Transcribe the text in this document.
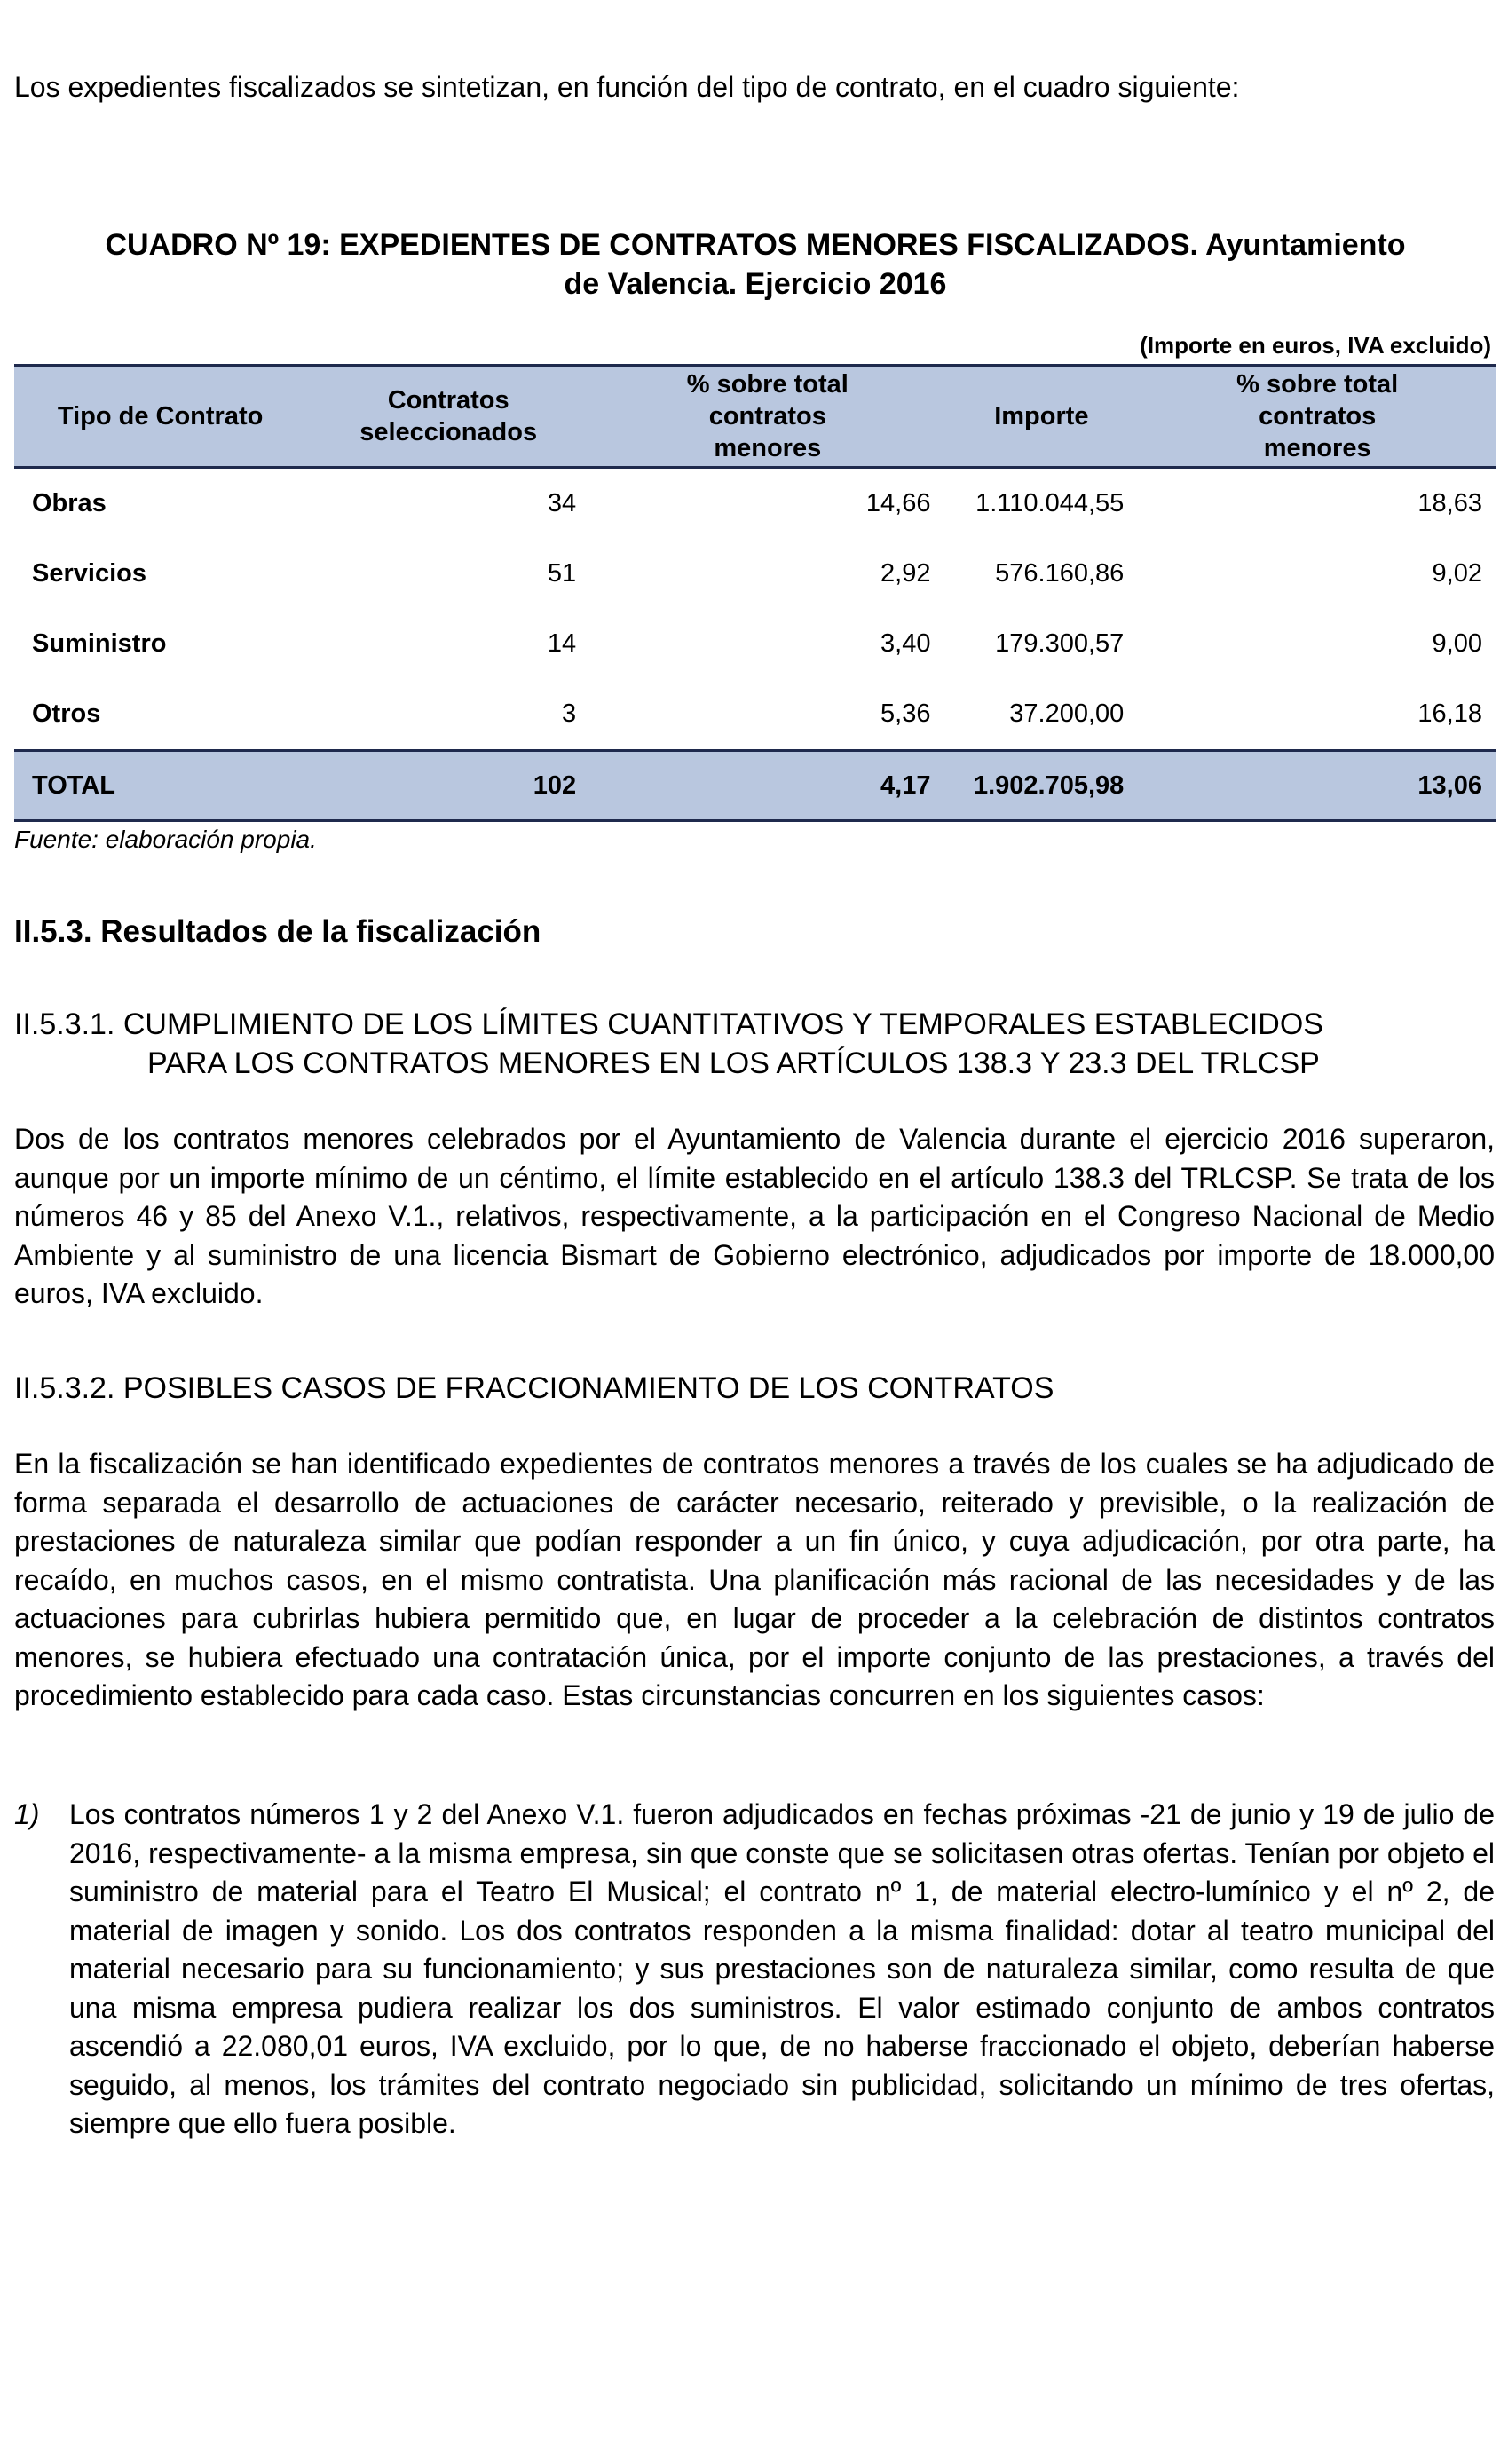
Los expedientes fiscalizados se sintetizan, en función del tipo de contrato, en el cuadro siguiente:
CUADRO Nº 19: EXPEDIENTES DE CONTRATOS MENORES FISCALIZADOS. Ayuntamiento
de Valencia. Ejercicio 2016
(Importe en euros, IVA excluido)
Tipo de Contrato	Contratos seleccionados	% sobre total contratos menores	Importe	% sobre total contratos menores
Obras	34	14,66	1.110.044,55	18,63
Servicios	51	2,92	576.160,86	9,02
Suministro	14	3,40	179.300,57	9,00
Otros	3	5,36	37.200,00	16,18
TOTAL	102	4,17	1.902.705,98	13,06
Fuente: elaboración propia.
II.5.3. Resultados de la fiscalización
II.5.3.1. CUMPLIMIENTO DE LOS LÍMITES CUANTITATIVOS Y TEMPORALES ESTABLECIDOS
PARA LOS CONTRATOS MENORES EN LOS ARTÍCULOS 138.3 Y 23.3 DEL TRLCSP
Dos de los contratos menores celebrados por el Ayuntamiento de Valencia durante el ejercicio 2016 superaron, aunque por un importe mínimo de un céntimo, el límite establecido en el artículo 138.3 del TRLCSP. Se trata de los números 46 y 85 del Anexo V.1., relativos, respectivamente, a la participación en el Congreso Nacional de Medio Ambiente y al suministro de una licencia Bismart de Gobierno electrónico, adjudicados por importe de 18.000,00 euros, IVA excluido.
II.5.3.2. POSIBLES CASOS DE FRACCIONAMIENTO DE LOS CONTRATOS
En la fiscalización se han identificado expedientes de contratos menores a través de los cuales se ha adjudicado de forma separada el desarrollo de actuaciones de carácter necesario, reiterado y previsible, o la realización de prestaciones de naturaleza similar que podían responder a un fin único, y cuya adjudicación, por otra parte, ha recaído, en muchos casos, en el mismo contratista. Una planificación más racional de las necesidades y de las actuaciones para cubrirlas hubiera permitido que, en lugar de proceder a la celebración de distintos contratos menores, se hubiera efectuado una contratación única, por el importe conjunto de las prestaciones, a través del procedimiento establecido para cada caso. Estas circunstancias concurren en los siguientes casos:
1) Los contratos números 1 y 2 del Anexo V.1. fueron adjudicados en fechas próximas -21 de junio y 19 de julio de 2016, respectivamente- a la misma empresa, sin que conste que se solicitasen otras ofertas. Tenían por objeto el suministro de material para el Teatro El Musical; el contrato nº 1, de material electro-lumínico y el nº 2, de material de imagen y sonido. Los dos contratos responden a la misma finalidad: dotar al teatro municipal del material necesario para su funcionamiento; y sus prestaciones son de naturaleza similar, como resulta de que una misma empresa pudiera realizar los dos suministros. El valor estimado conjunto de ambos contratos ascendió a 22.080,01 euros, IVA excluido, por lo que, de no haberse fraccionado el objeto, deberían haberse seguido, al menos, los trámites del contrato negociado sin publicidad, solicitando un mínimo de tres ofertas, siempre que ello fuera posible.
